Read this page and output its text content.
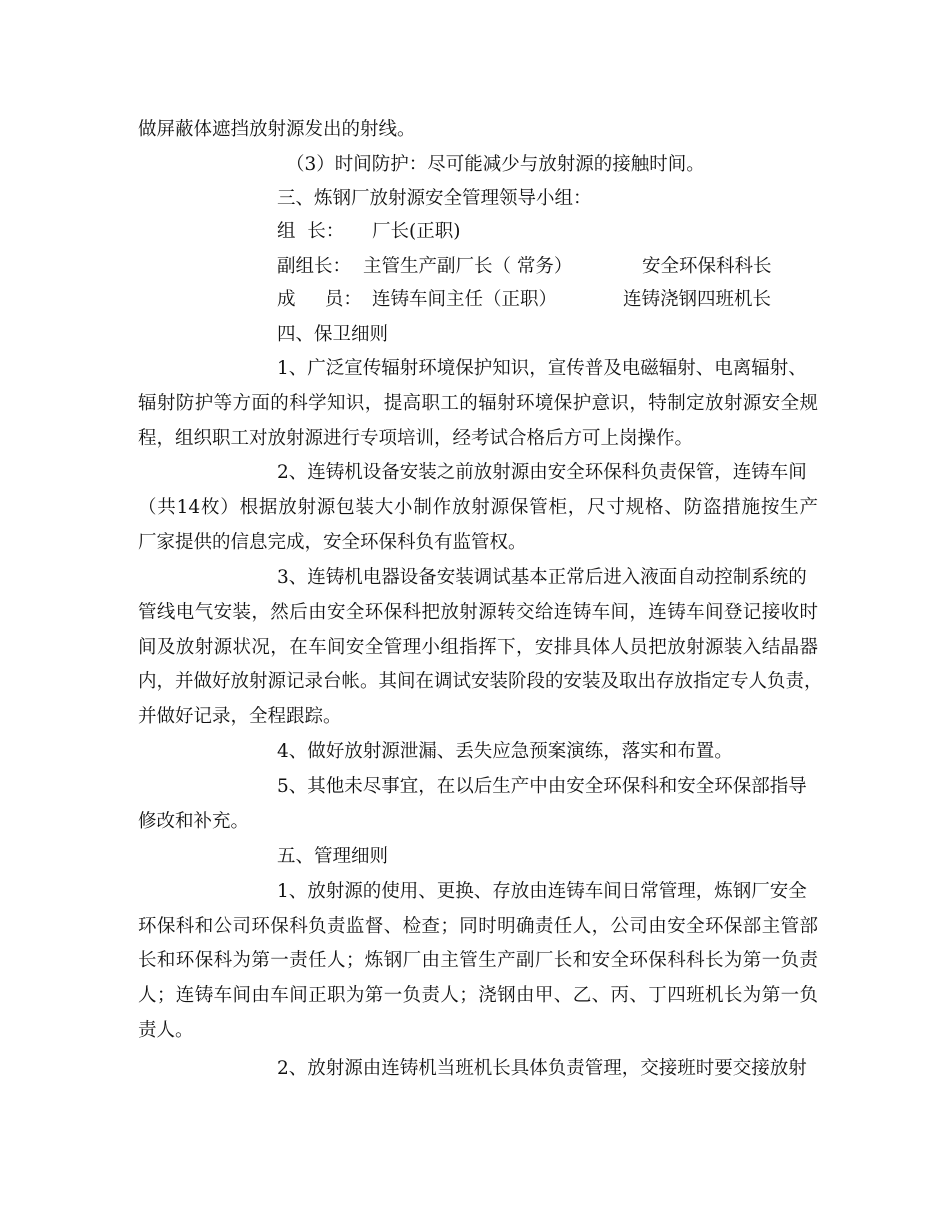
做屏蔽体遮挡放射源发出的射线。
（3）时间防护：尽可能减少与放射源的接触时间。
三、炼钢厂放射源安全管理领导小组：
组  长： 厂长(正职)
副组长： 主管生产副厂长（ 常务）	安全环保科科长
成     员： 连铸车间主任（正职）	连铸浇钢四班机长
四、保卫细则
1、广泛宣传辐射环境保护知识，宣传普及电磁辐射、电离辐射、
辐射防护等方面的科学知识，提高职工的辐射环境保护意识，特制定放射源安全规
程，组织职工对放射源进行专项培训，经考试合格后方可上岗操作。
2、连铸机设备安装之前放射源由安全环保科负责保管，连铸车间
（共14枚）根据放射源包装大小制作放射源保管柜，尺寸规格、防盗措施按生产
厂家提供的信息完成，安全环保科负有监管权。
3、连铸机电器设备安装调试基本正常后进入液面自动控制系统的
管线电气安装，然后由安全环保科把放射源转交给连铸车间，连铸车间登记接收时
间及放射源状况，在车间安全管理小组指挥下，安排具体人员把放射源装入结晶器
内，并做好放射源记录台帐。其间在调试安装阶段的安装及取出存放指定专人负责，
并做好记录，全程跟踪。
4、做好放射源泄漏、丢失应急预案演练，落实和布置。
5、其他未尽事宜，在以后生产中由安全环保科和安全环保部指导
修改和补充。
五、管理细则
1、放射源的使用、更换、存放由连铸车间日常管理，炼钢厂安全
环保科和公司环保科负责监督、检查；同时明确责任人，公司由安全环保部主管部
长和环保科为第一责任人；炼钢厂由主管生产副厂长和安全环保科科长为第一负责
人；连铸车间由车间正职为第一负责人；浇钢由甲、乙、丙、丁四班机长为第一负
责人。
2、放射源由连铸机当班机长具体负责管理，交接班时要交接放射
